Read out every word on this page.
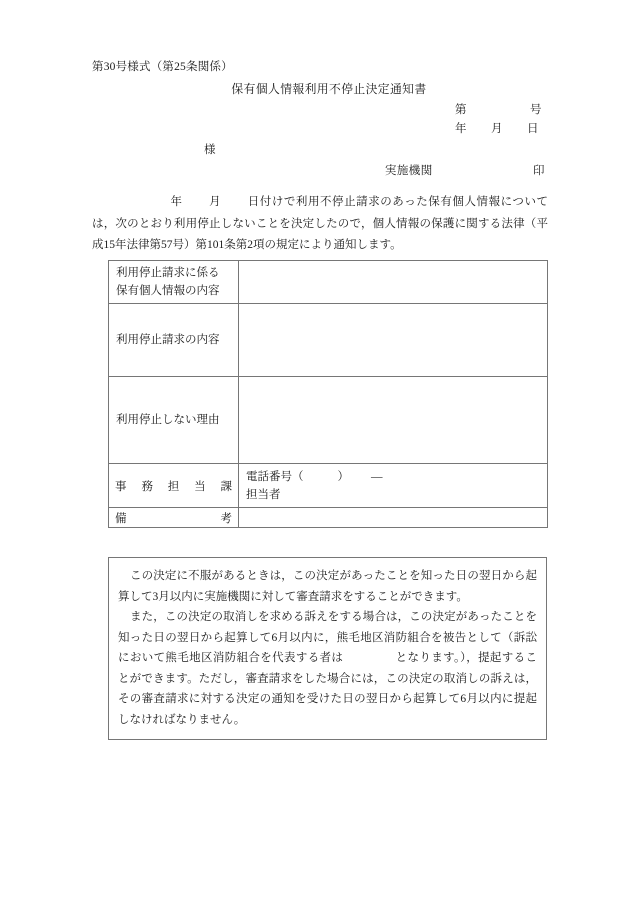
第30号様式（第25条関係）
保有個人情報利用不停止決定通知書
第	号
年 月 日
様
実施機関	印
年 月 日付けで利用不停止請求のあった保有個人情報については，次のとおり利用停止しないことを決定したので，個人情報の保護に関する法律（平成15年法律第57号）第101条第2項の規定により通知します。
利用停止請求に係る
保有個人情報の内容	

利用停止請求の内容	

利用停止しない理由	

事務担当課	電話番号（ ） ―
担当者

備考	

この決定に不服があるときは，この決定があったことを知った日の翌日から起算して3月以内に実施機関に対して審査請求をすることができます。

また，この決定の取消しを求める訴えをする場合は，この決定があったことを知った日の翌日から起算して6月以内に，熊毛地区消防組合を被告として（訴訟において熊毛地区消防組合を代表する者は	となります。），提起することができます。ただし，審査請求をした場合には，この決定の取消しの訴えは，その審査請求に対する決定の通知を受けた日の翌日から起算して6月以内に提起しなければなりません。
